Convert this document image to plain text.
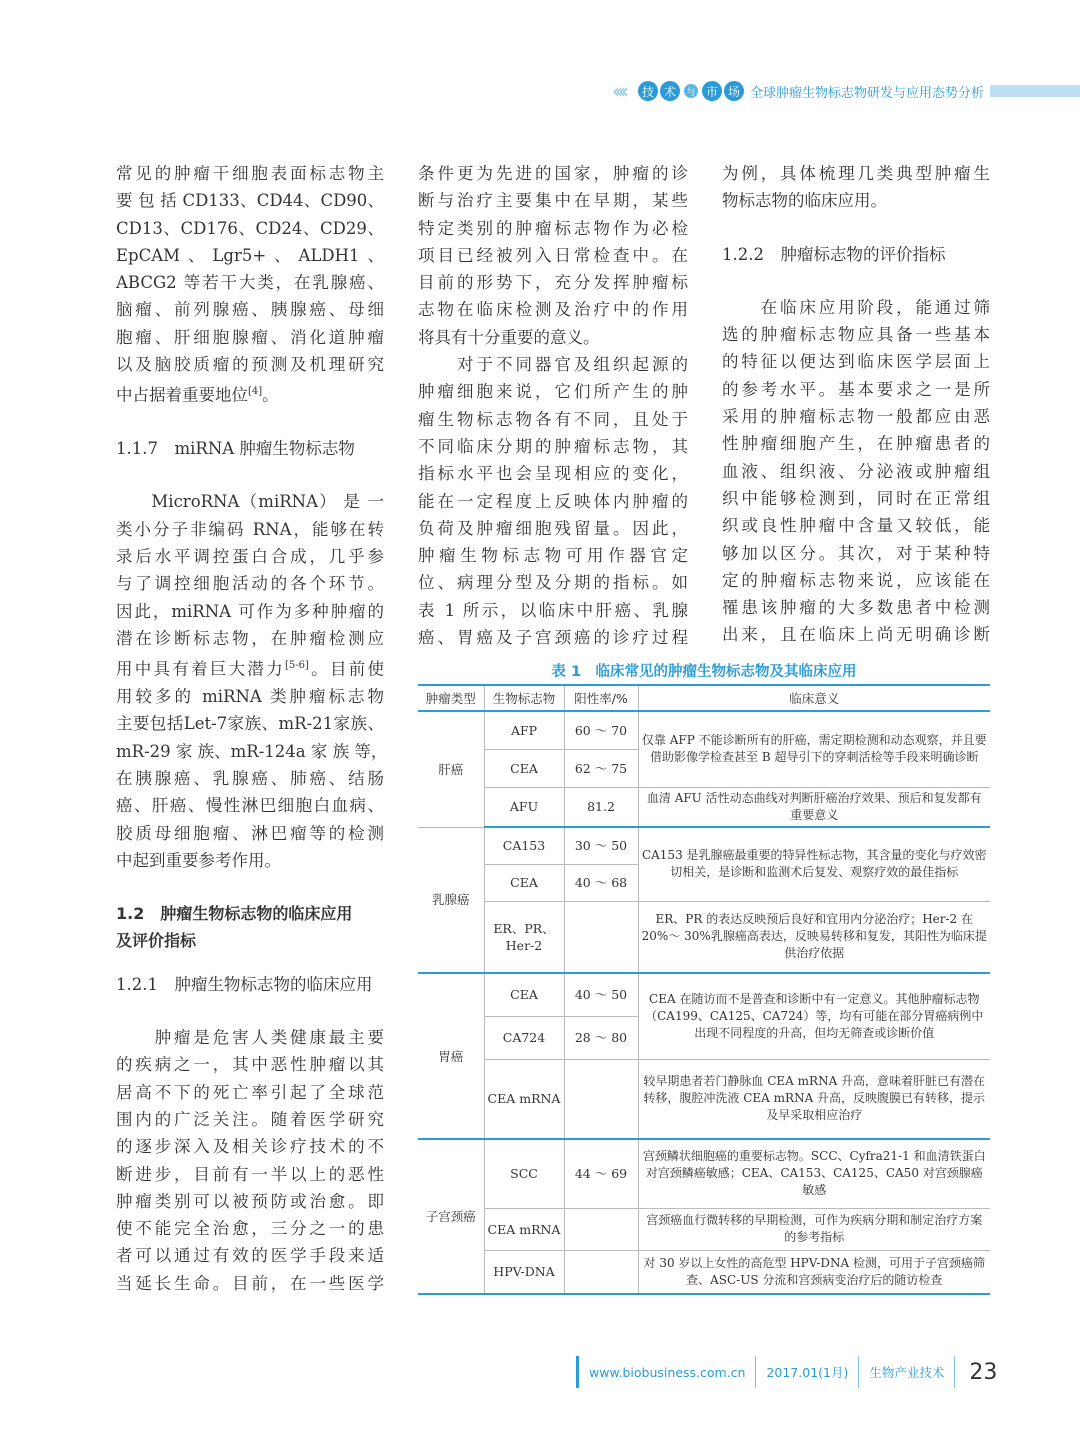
‹‹‹‹	技 术	与 市 场 全球肿瘤生物标志物研发与应用态势分析

常见的肿瘤干细胞表面标志物主
要 包 括 CD133、CD44、CD90、
CD13、CD176、CD24、CD29、
EpCAM、Lgr5+、ALDH1、
ABCG2 等若干大类，在乳腺癌、
脑瘤、前列腺癌、胰腺癌、母细
胞瘤、肝细胞腺瘤、消化道肿瘤
以及脑胶质瘤的预测及机理研究
中占据着重要地位[4]。

1.1.7　miRNA 肿瘤生物标志物

　　MicroRNA（miRNA） 是 一
类小分子非编码 RNA，能够在转
录后水平调控蛋白合成，几乎参
与了调控细胞活动的各个环节。
因此，miRNA 可作为多种肿瘤的
潜在诊断标志物，在肿瘤检测应
用中具有着巨大潜力[5-6]。目前使
用较多的 miRNA 类肿瘤标志物
主要包括Let-7家族、mR-21家族、
mR-29 家 族、mR-124a 家 族 等，
在胰腺癌、乳腺癌、肺癌、结肠
癌、肝癌、慢性淋巴细胞白血病、
胶质母细胞瘤、淋巴瘤等的检测
中起到重要参考作用。

1.2　肿瘤生物标志物的临床应用
及评价指标
1.2.1　肿瘤生物标志物的临床应用

　　肿瘤是危害人类健康最主要
的疾病之一，其中恶性肿瘤以其
居高不下的死亡率引起了全球范
围内的广泛关注。随着医学研究
的逐步深入及相关诊疗技术的不
断进步，目前有一半以上的恶性
肿瘤类别可以被预防或治愈。即
使不能完全治愈，三分之一的患
者可以通过有效的医学手段来适
当延长生命。目前，在一些医学

条件更为先进的国家，肿瘤的诊
断与治疗主要集中在早期，某些
特定类别的肿瘤标志物作为必检
项目已经被列入日常检查中。在
目前的形势下，充分发挥肿瘤标
志物在临床检测及治疗中的作用
将具有十分重要的意义。

　　对于不同器官及组织起源的
肿瘤细胞来说，它们所产生的肿
瘤生物标志物各有不同，且处于
不同临床分期的肿瘤标志物，其
指标水平也会呈现相应的变化，
能在一定程度上反映体内肿瘤的
负荷及肿瘤细胞残留量。因此，
肿瘤生物标志物可用作器官定
位、病理分型及分期的指标。如
表 1 所示，以临床中肝癌、乳腺
癌、胃癌及子宫颈癌的诊疗过程

为例，具体梳理几类典型肿瘤生
物标志物的临床应用。

1.2.2　肿瘤标志物的评价指标

　　在临床应用阶段，能通过筛
选的肿瘤标志物应具备一些基本
的特征以便达到临床医学层面上
的参考水平。基本要求之一是所
采用的肿瘤标志物一般都应由恶
性肿瘤细胞产生，在肿瘤患者的
血液、组织液、分泌液或肿瘤组
织中能够检测到，同时在正常组
织或良性肿瘤中含量又较低，能
够加以区分。其次，对于某种特
定的肿瘤标志物来说，应该能在
罹患该肿瘤的大多数患者中检测
出来，且在临床上尚无明确诊断

表 1　临床常见的肿瘤生物标志物及其临床应用
肿瘤类型	生物标志物	阳性率/%	临床意义
肝癌	AFP	60 ～ 70	仅靠 AFP 不能诊断所有的肝癌，需定期检测和动态观察，并且要借助影像学检查甚至 B 超导引下的穿刺活检等手段来明确诊断
	CEA	62 ～ 75	
	AFU	81.2	血清 AFU 活性动态曲线对判断肝癌治疗效果、预后和复发都有重要意义
乳腺癌	CA153	30 ～ 50	CA153 是乳腺癌最重要的特异性标志物，其含量的变化与疗效密切相关，是诊断和监测术后复发、观察疗效的最佳指标
	CEA	40 ～ 68	
	ER、PR、
Her-2		ER、PR 的表达反映预后良好和宜用内分泌治疗；Her-2 在 20%～ 30%乳腺癌高表达，反映易转移和复发，其阳性为临床提供治疗依据
胃癌	CEA	40 ～ 50	CEA 在随访而不是普查和诊断中有一定意义。其他肿瘤标志物（CA199、CA125、CA724）等，均有可能在部分胃癌病例中出现不同程度的升高，但均无筛查或诊断价值
	CA724	28 ～ 80	
	CEA mRNA		较早期患者若门静脉血 CEA mRNA 升高，意味着肝脏已有潜在转移，腹腔冲洗液 CEA mRNA 升高，反映腹膜已有转移，提示及早采取相应治疗
子宫颈癌	SCC	44 ～ 69	宫颈鳞状细胞癌的重要标志物。SCC、Cyfra21-1 和血清铁蛋白对宫颈鳞癌敏感；CEA、CA153、CA125、CA50 对宫颈腺癌敏感
	CEA mRNA		宫颈癌血行微转移的早期检测，可作为疾病分期和制定治疗方案的参考指标
	HPV-DNA		对 30 岁以上女性的高危型 HPV-DNA 检测，可用于子宫颈癌筛查、ASC-US 分流和宫颈病变治疗后的随访检查
www.biobusiness.com.cn 2017.01(1月) 生物产业技术 23
